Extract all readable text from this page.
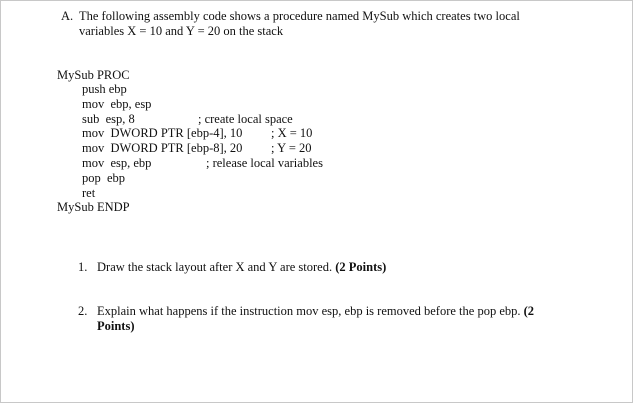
A. The following assembly code shows a procedure named MySub which creates two local
variables X = 10 and Y = 20 on the stack
MySub PROC
push ebp
mov  ebp, esp
sub  esp, 8	; create local space
mov  DWORD PTR [ebp-4], 10 ; X = 10
mov  DWORD PTR [ebp-8], 20 ; Y = 20
mov  esp, ebp	; release local variables
pop  ebp
ret
MySub ENDP
1. Draw the stack layout after X and Y are stored. (2 Points)
2. Explain what happens if the instruction mov esp, ebp is removed before the pop ebp. (2
Points)
